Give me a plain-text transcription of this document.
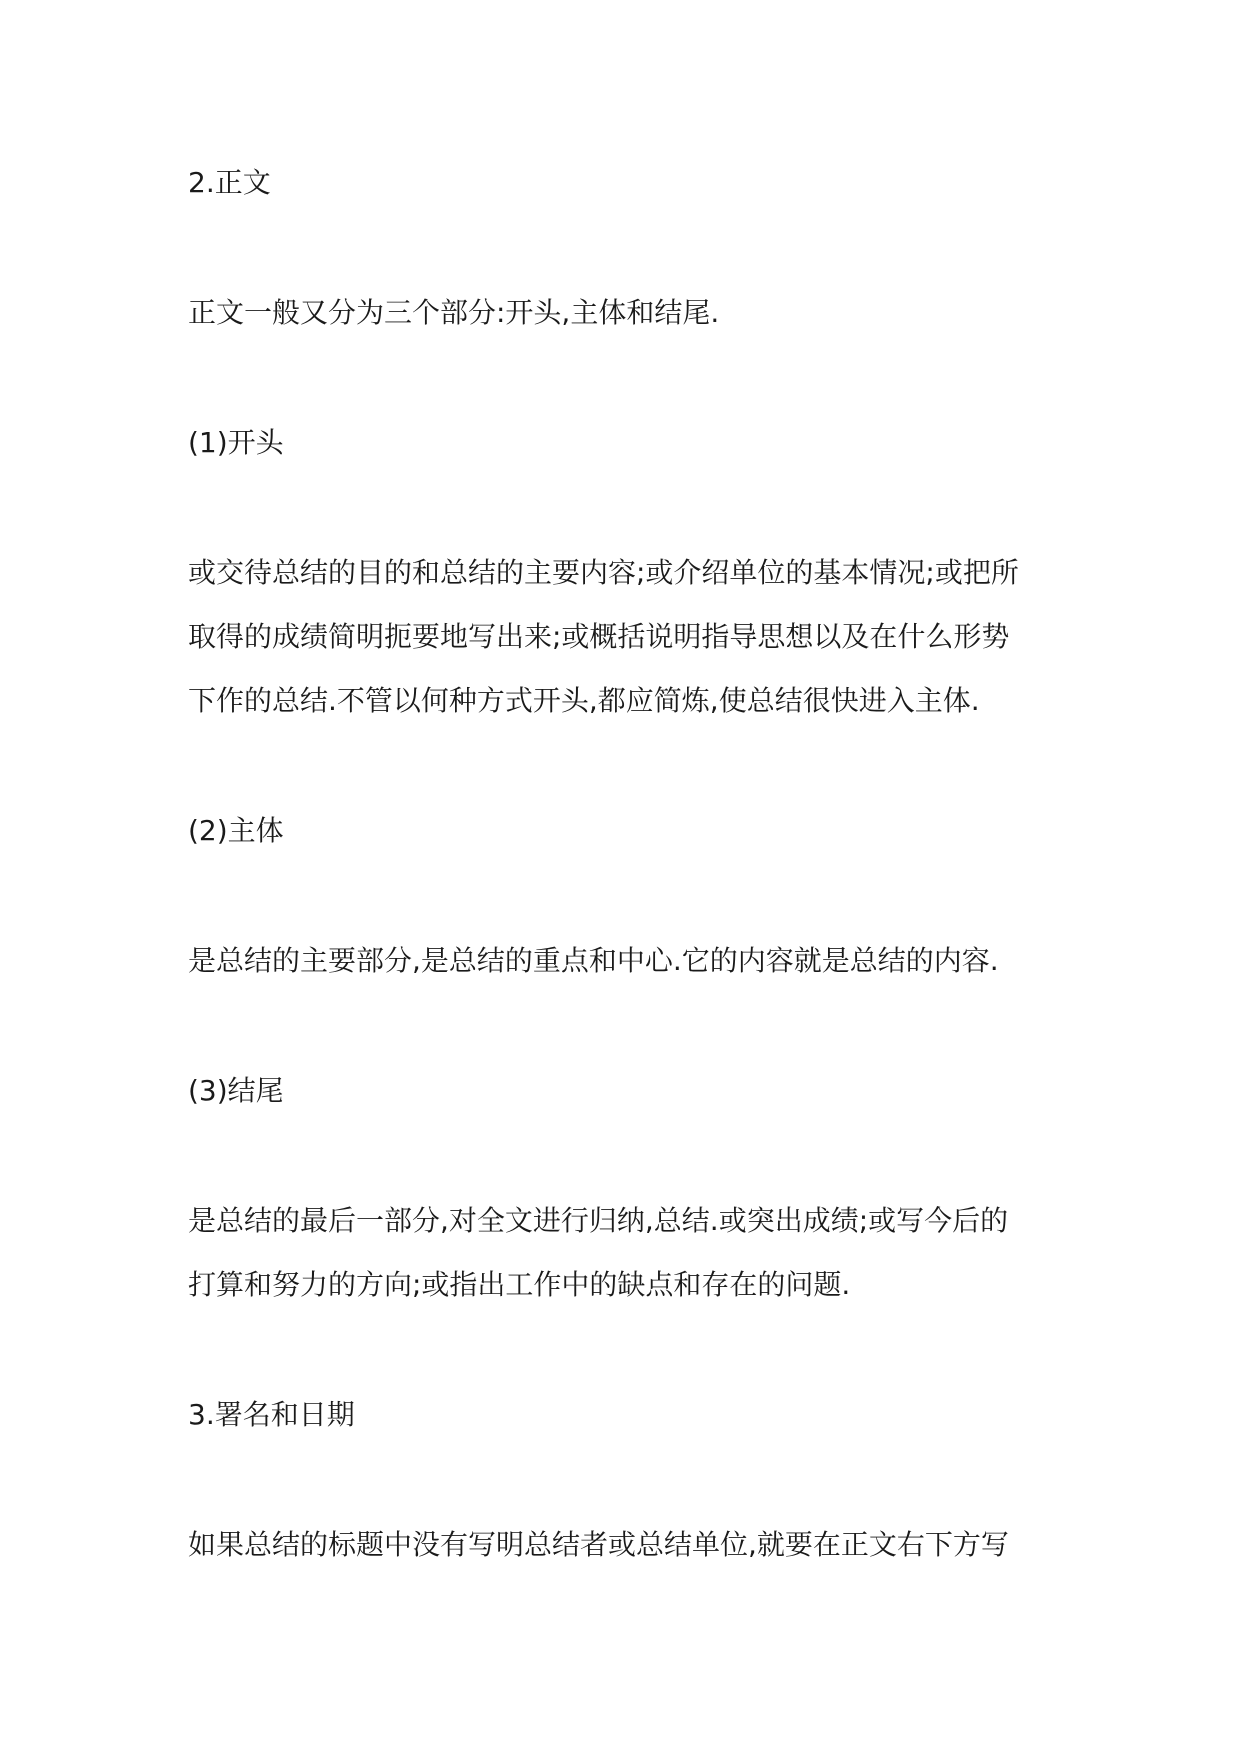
2.正文
正文一般又分为三个部分:开头,主体和结尾.
(1)开头
或交待总结的目的和总结的主要内容;或介绍单位的基本情况;或把所
取得的成绩简明扼要地写出来;或概括说明指导思想以及在什么形势
下作的总结.不管以何种方式开头,都应简炼,使总结很快进入主体.
(2)主体
是总结的主要部分,是总结的重点和中心.它的内容就是总结的内容.
(3)结尾
是总结的最后一部分,对全文进行归纳,总结.或突出成绩;或写今后的
打算和努力的方向;或指出工作中的缺点和存在的问题.
3.署名和日期
如果总结的标题中没有写明总结者或总结单位,就要在正文右下方写
